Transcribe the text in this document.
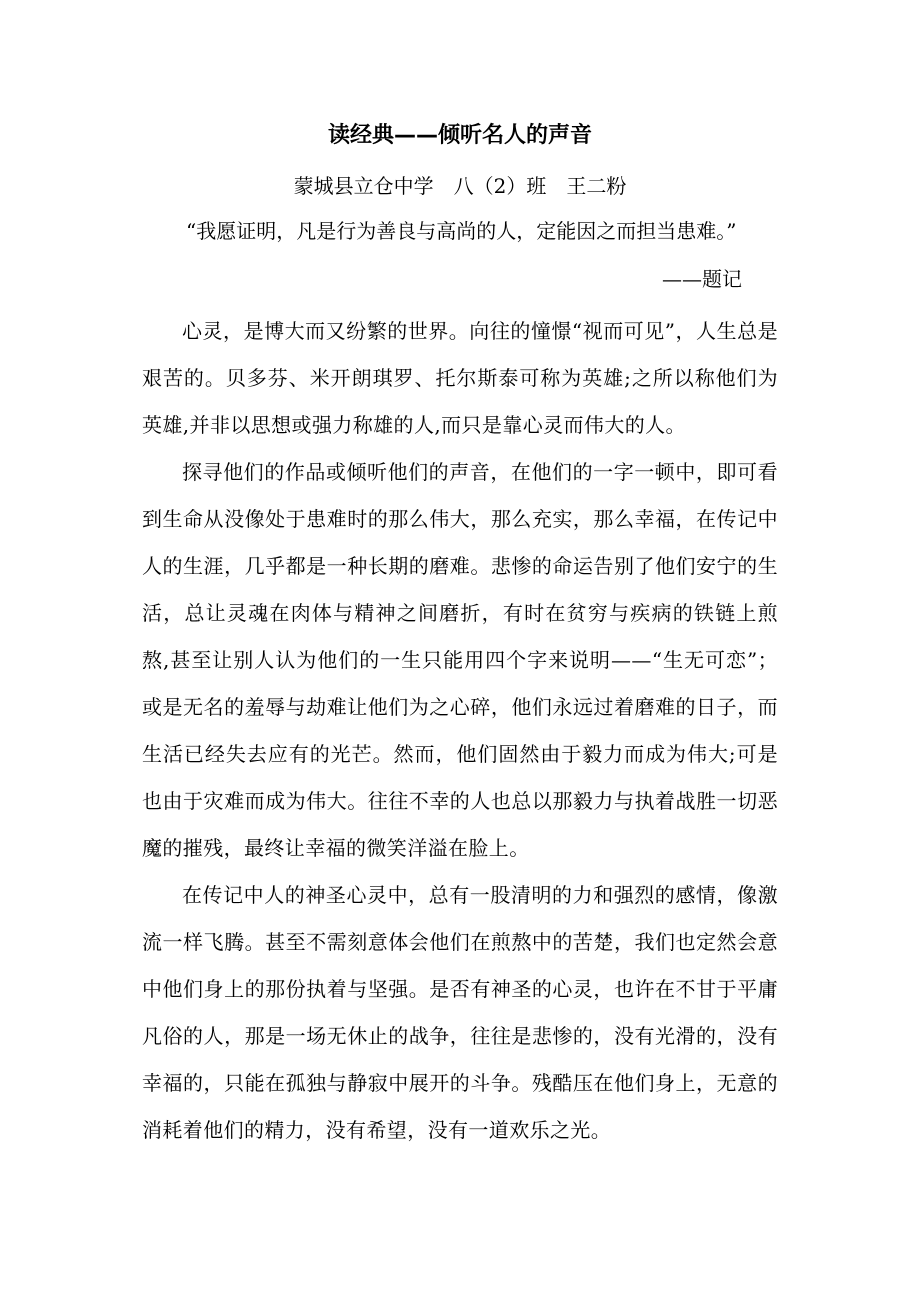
读经典——倾听名人的声音
蒙城县立仓中学　八（2）班　王二粉
“我愿证明，凡是行为善良与高尚的人，定能因之而担当患难。”
——题记

心灵，是博大而又纷繁的世界。向往的憧憬“视而可见”，人生总是艰苦的。贝多芬、米开朗琪罗、托尔斯泰可称为英雄;之所以称他们为英雄,并非以思想或强力称雄的人,而只是靠心灵而伟大的人。

探寻他们的作品或倾听他们的声音，在他们的一字一顿中，即可看到生命从没像处于患难时的那么伟大，那么充实，那么幸福，在传记中人的生涯，几乎都是一种长期的磨难。悲惨的命运告别了他们安宁的生活，总让灵魂在肉体与精神之间磨折，有时在贫穷与疾病的铁链上煎熬,甚至让别人认为他们的一生只能用四个字来说明——“生无可恋”；或是无名的羞辱与劫难让他们为之心碎，他们永远过着磨难的日子，而生活已经失去应有的光芒。然而，他们固然由于毅力而成为伟大;可是也由于灾难而成为伟大。往往不幸的人也总以那毅力与执着战胜一切恶魔的摧残，最终让幸福的微笑洋溢在脸上。

在传记中人的神圣心灵中，总有一股清明的力和强烈的感情，像激流一样飞腾。甚至不需刻意体会他们在煎熬中的苦楚，我们也定然会意中他们身上的那份执着与坚强。是否有神圣的心灵，也许在不甘于平庸凡俗的人，那是一场无休止的战争，往往是悲惨的，没有光滑的，没有幸福的，只能在孤独与静寂中展开的斗争。残酷压在他们身上，无意的消耗着他们的精力，没有希望，没有一道欢乐之光。
